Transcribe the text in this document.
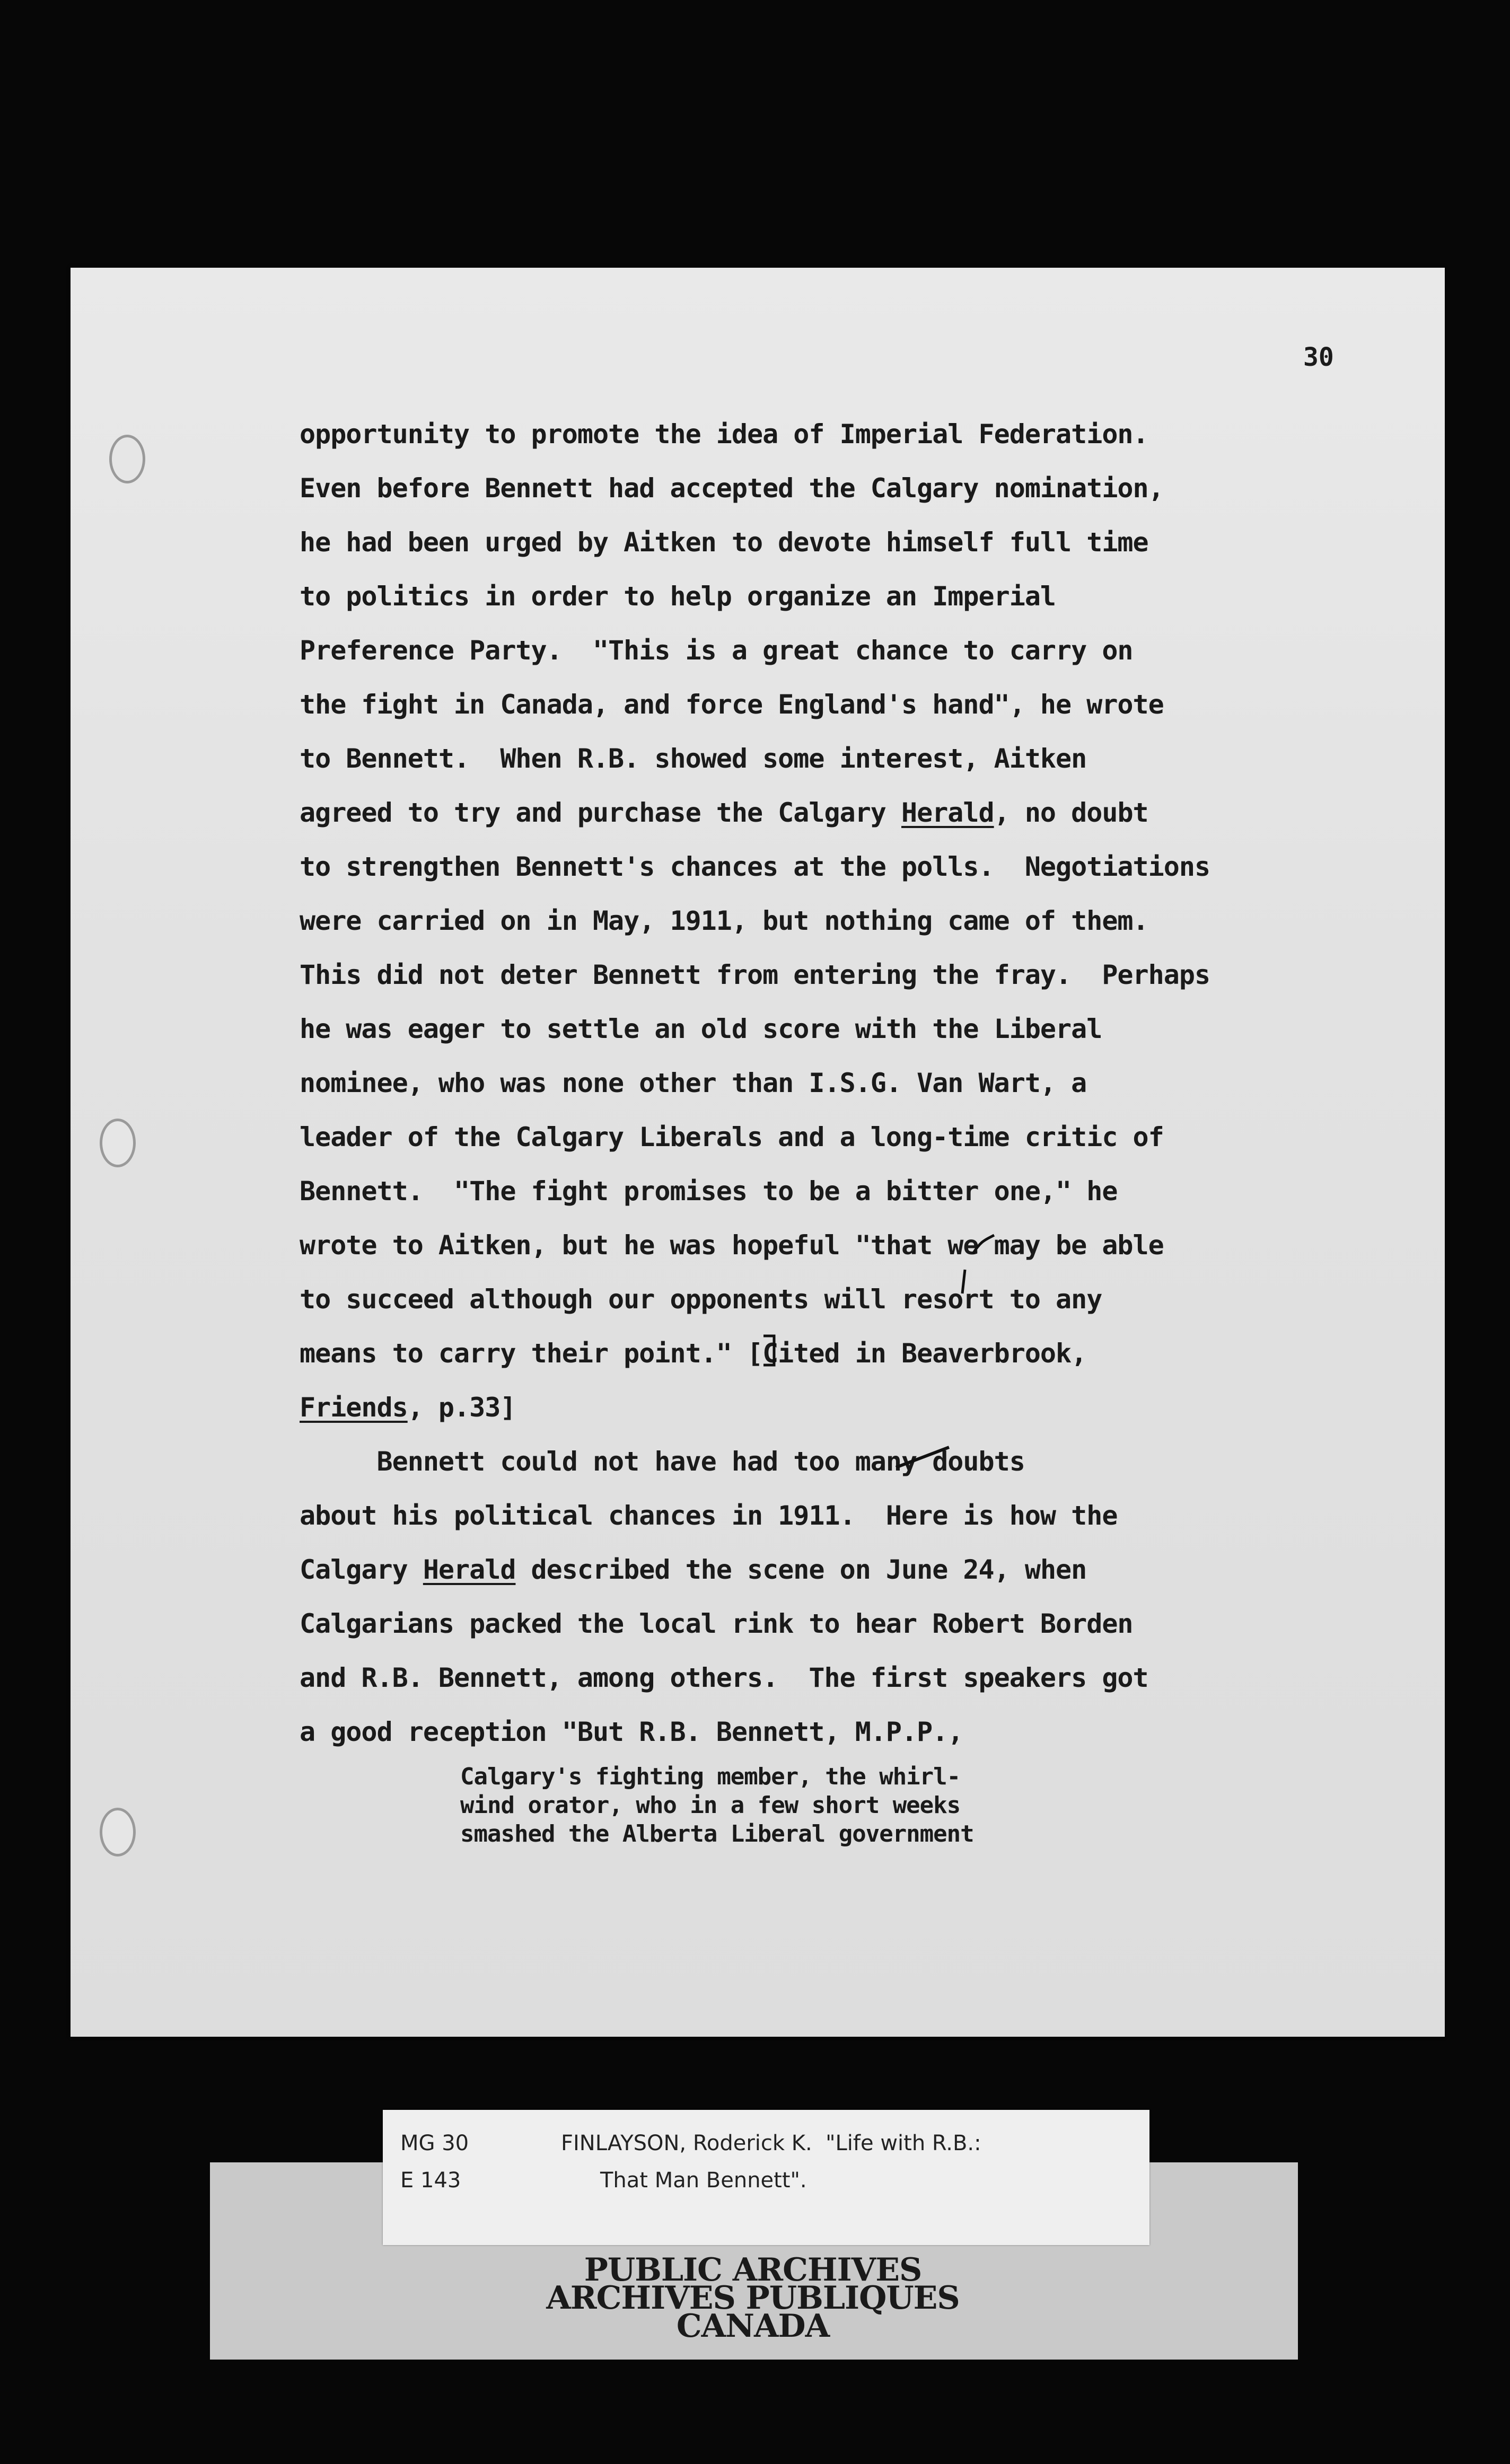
30
opportunity to promote the idea of Imperial Federation.
Even before Bennett had accepted the Calgary nomination,
he had been urged by Aitken to devote himself full time
to politics in order to help organize an Imperial
Preference Party.  "This is a great chance to carry on
the fight in Canada, and force England's hand", he wrote
to Bennett.  When R.B. showed some interest, Aitken
agreed to try and purchase the Calgary Herald, no doubt
to strengthen Bennett's chances at the polls.  Negotiations
were carried on in May, 1911, but nothing came of them.
This did not deter Bennett from entering the fray.  Perhaps
he was eager to settle an old score with the Liberal
nominee, who was none other than I.S.G. Van Wart, a
leader of the Calgary Liberals and a long-time critic of
Bennett.  "The fight promises to be a bitter one," he
wrote to Aitken, but he was hopeful "that we may be able
to succeed although our opponents will resort to any
means to carry their point." [Cited in Beaverbrook,
Friends, p.33]
Bennett could not have had too many doubts
about his political chances in 1911.  Here is how the
Calgary Herald described the scene on June 24, when
Calgarians packed the local rink to hear Robert Borden
and R.B. Bennett, among others.  The first speakers got
a good reception "But R.B. Bennett, M.P.P.,
Calgary's fighting member, the whirl-
wind orator, who in a few short weeks
smashed the Alberta Liberal government
MG 30
E 143
FINLAYSON, Roderick K.  "Life with R.B.:
That Man Bennett".
PUBLIC ARCHIVES
ARCHIVES PUBLIQUES
CANADA
